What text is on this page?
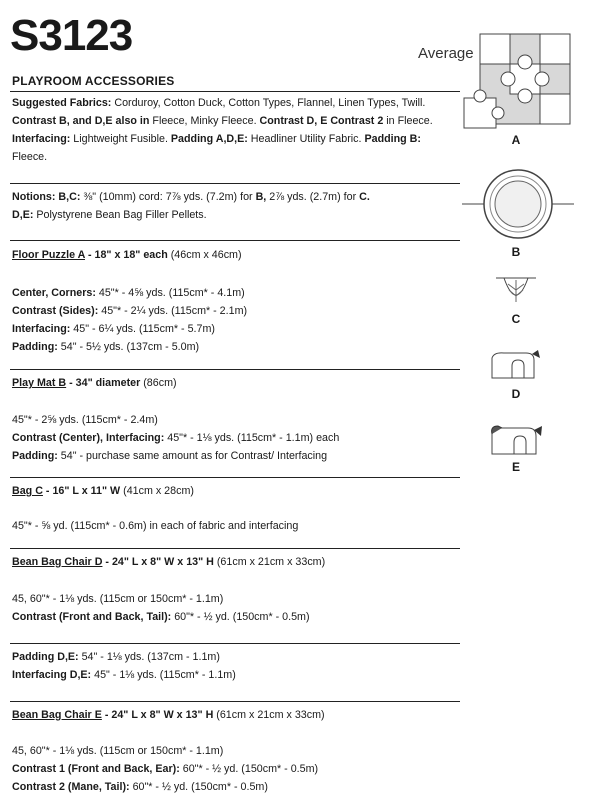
S3123	Average
PLAYROOM ACCESSORIES
Suggested Fabrics: Corduroy, Cotton Duck, Cotton Types, Flannel, Linen Types, Twill. Contrast B, and D,E also in Fleece, Minky Fleece. Contrast D, E Contrast 2 in Fleece. Interfacing: Lightweight Fusible. Padding A,D,E: Headliner Utility Fabric. Padding B:
Fleece.
Notions: B,C: ⅜" (10mm) cord: 7⅞ yds. (7.2m) for B, 2⅞ yds. (2.7m) for C.
D,E: Polystyrene Bean Bag Filler Pellets.
Floor Puzzle A - 18" x 18" each (46cm x 46cm)
Center, Corners: 45"* - 4⅝ yds. (115cm* - 4.1m)
Contrast (Sides): 45"* - 2¼ yds. (115cm* - 2.1m)
Interfacing: 45" - 6¼ yds. (115cm* - 5.7m)
Padding: 54" - 5½ yds. (137cm - 5.0m)
Play Mat B - 34" diameter (86cm)
45"* - 2⅝ yds. (115cm* - 2.4m)
Contrast (Center), Interfacing: 45"* - 1⅛ yds. (115cm* - 1.1m) each
Padding: 54" - purchase same amount as for Contrast/ Interfacing
Bag C - 16" L x 11" W (41cm x 28cm)
45"* - ⅝ yd. (115cm* - 0.6m) in each of fabric and interfacing
Bean Bag Chair D - 24" L x 8" W x 13" H (61cm x 21cm x 33cm)
45, 60"* - 1⅛ yds. (115cm or 150cm* - 1.1m)
Contrast (Front and Back, Tail): 60"* - ½ yd. (150cm* - 0.5m)
Padding D,E: 54" - 1⅛ yds. (137cm - 1.1m)
Interfacing D,E: 45" - 1⅛ yds. (115cm* - 1.1m)
Bean Bag Chair E - 24" L x 8" W x 13" H (61cm x 21cm x 33cm)
45, 60"* - 1⅛ yds. (115cm or 150cm* - 1.1m)
Contrast 1 (Front and Back, Ear): 60"* - ½ yd. (150cm* - 0.5m)
Contrast 2 (Mane, Tail): 60"* - ½ yd. (150cm* - 0.5m)
A
B
C
D
E
